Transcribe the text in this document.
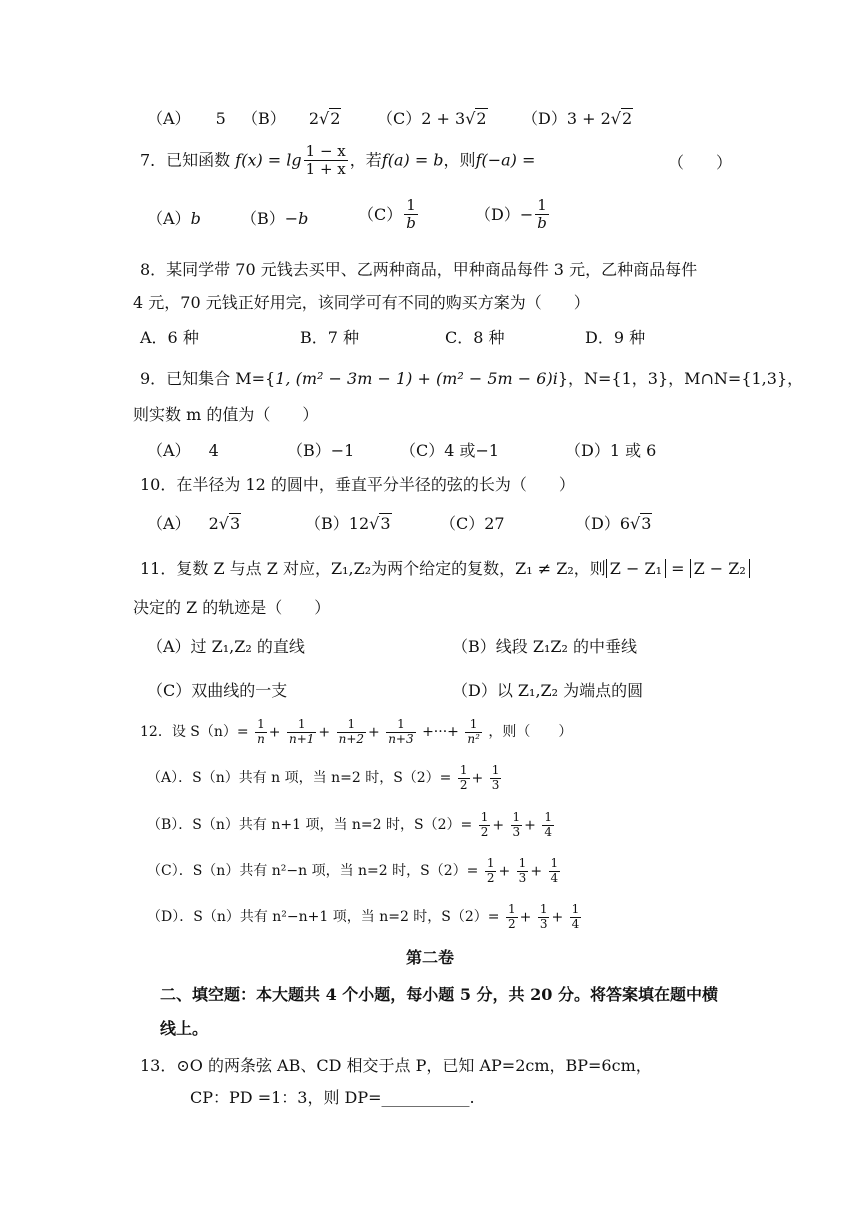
（A） 5 （B） 2√2 （C）2 + 3√2 （D）3 + 2√2
7．已知函数 $f(x) = \lg \frac{1 - x}{1 + x}$ ，若f(a) = b，则f(−a) =	（　　）
（A）b	（B）−b	$(C) \frac{1}{b}$	$(D)- \frac{1}{b}$
8．某同学带 70 元钱去买甲、乙两种商品，甲种商品每件 3 元，乙种商品每件
4 元，70 元钱正好用完，该同学可有不同的购买方案为（　　）
A．6 种	B．7 种	C．8 种	D．9 种
9．已知集合 M={1, (m² − 3m − 1) + (m² − 5m − 6)i}，N={1，3}，M∩N={1,3}，
则实数 m 的值为（　　）
（A） 4	（B）−1	（C）4 或−1	（D）1 或 6
10．在半径为 12 的圆中，垂直平分半径的弦的长为（　　）
（A） 2√3	（B）12√3	（C）27	（D）6√3
11．复数 Z 与点 Z 对应，Z₁,Z₂为两个给定的复数，Z₁ ≠ Z₂，则 Z − Z₁ = Z − Z₂
决定的 Z 的轨迹是（　　）
（A）过 Z₁,Z₂ 的直线	（B）线段 Z₁Z₂ 的中垂线
（C）双曲线的一支	（D）以 Z₁,Z₂ 为端点的圆
12．设 $S(n)= \frac{1}{n} + \frac{1}{n+1} + \frac{1}{n+2} + \frac{1}{n+3}$ +···+ $\frac{1}{\text{n²}}$ ，则（　　）
（A）．S（n）共有 n 项，当 n=2 时，$S(2)= \frac{1}{2} + \frac{1}{3}$
（B）．S（n）共有 n+1 项，当 n=2 时，$S(2)= \frac{1}{2} + \frac{1}{3} + \frac{1}{4}$
（C）．S（n）共有 n²−n 项，当 n=2 时，$S(2)= \frac{1}{2} + \frac{1}{3} + \frac{1}{4}$
（D）．S（n）共有 n²−n+1 项，当 n=2 时，$S(2)= \frac{1}{2} + \frac{1}{3} + \frac{1}{4}$
第二卷
二、填空题：本大题共 4 个小题，每小题 5 分，共 20 分。将答案填在题中横
线上。
13．⊙O 的两条弦 AB、CD 相交于点 P，已知 AP=2cm，BP=6cm，
CP：PD =1：3，则 DP=___________.
